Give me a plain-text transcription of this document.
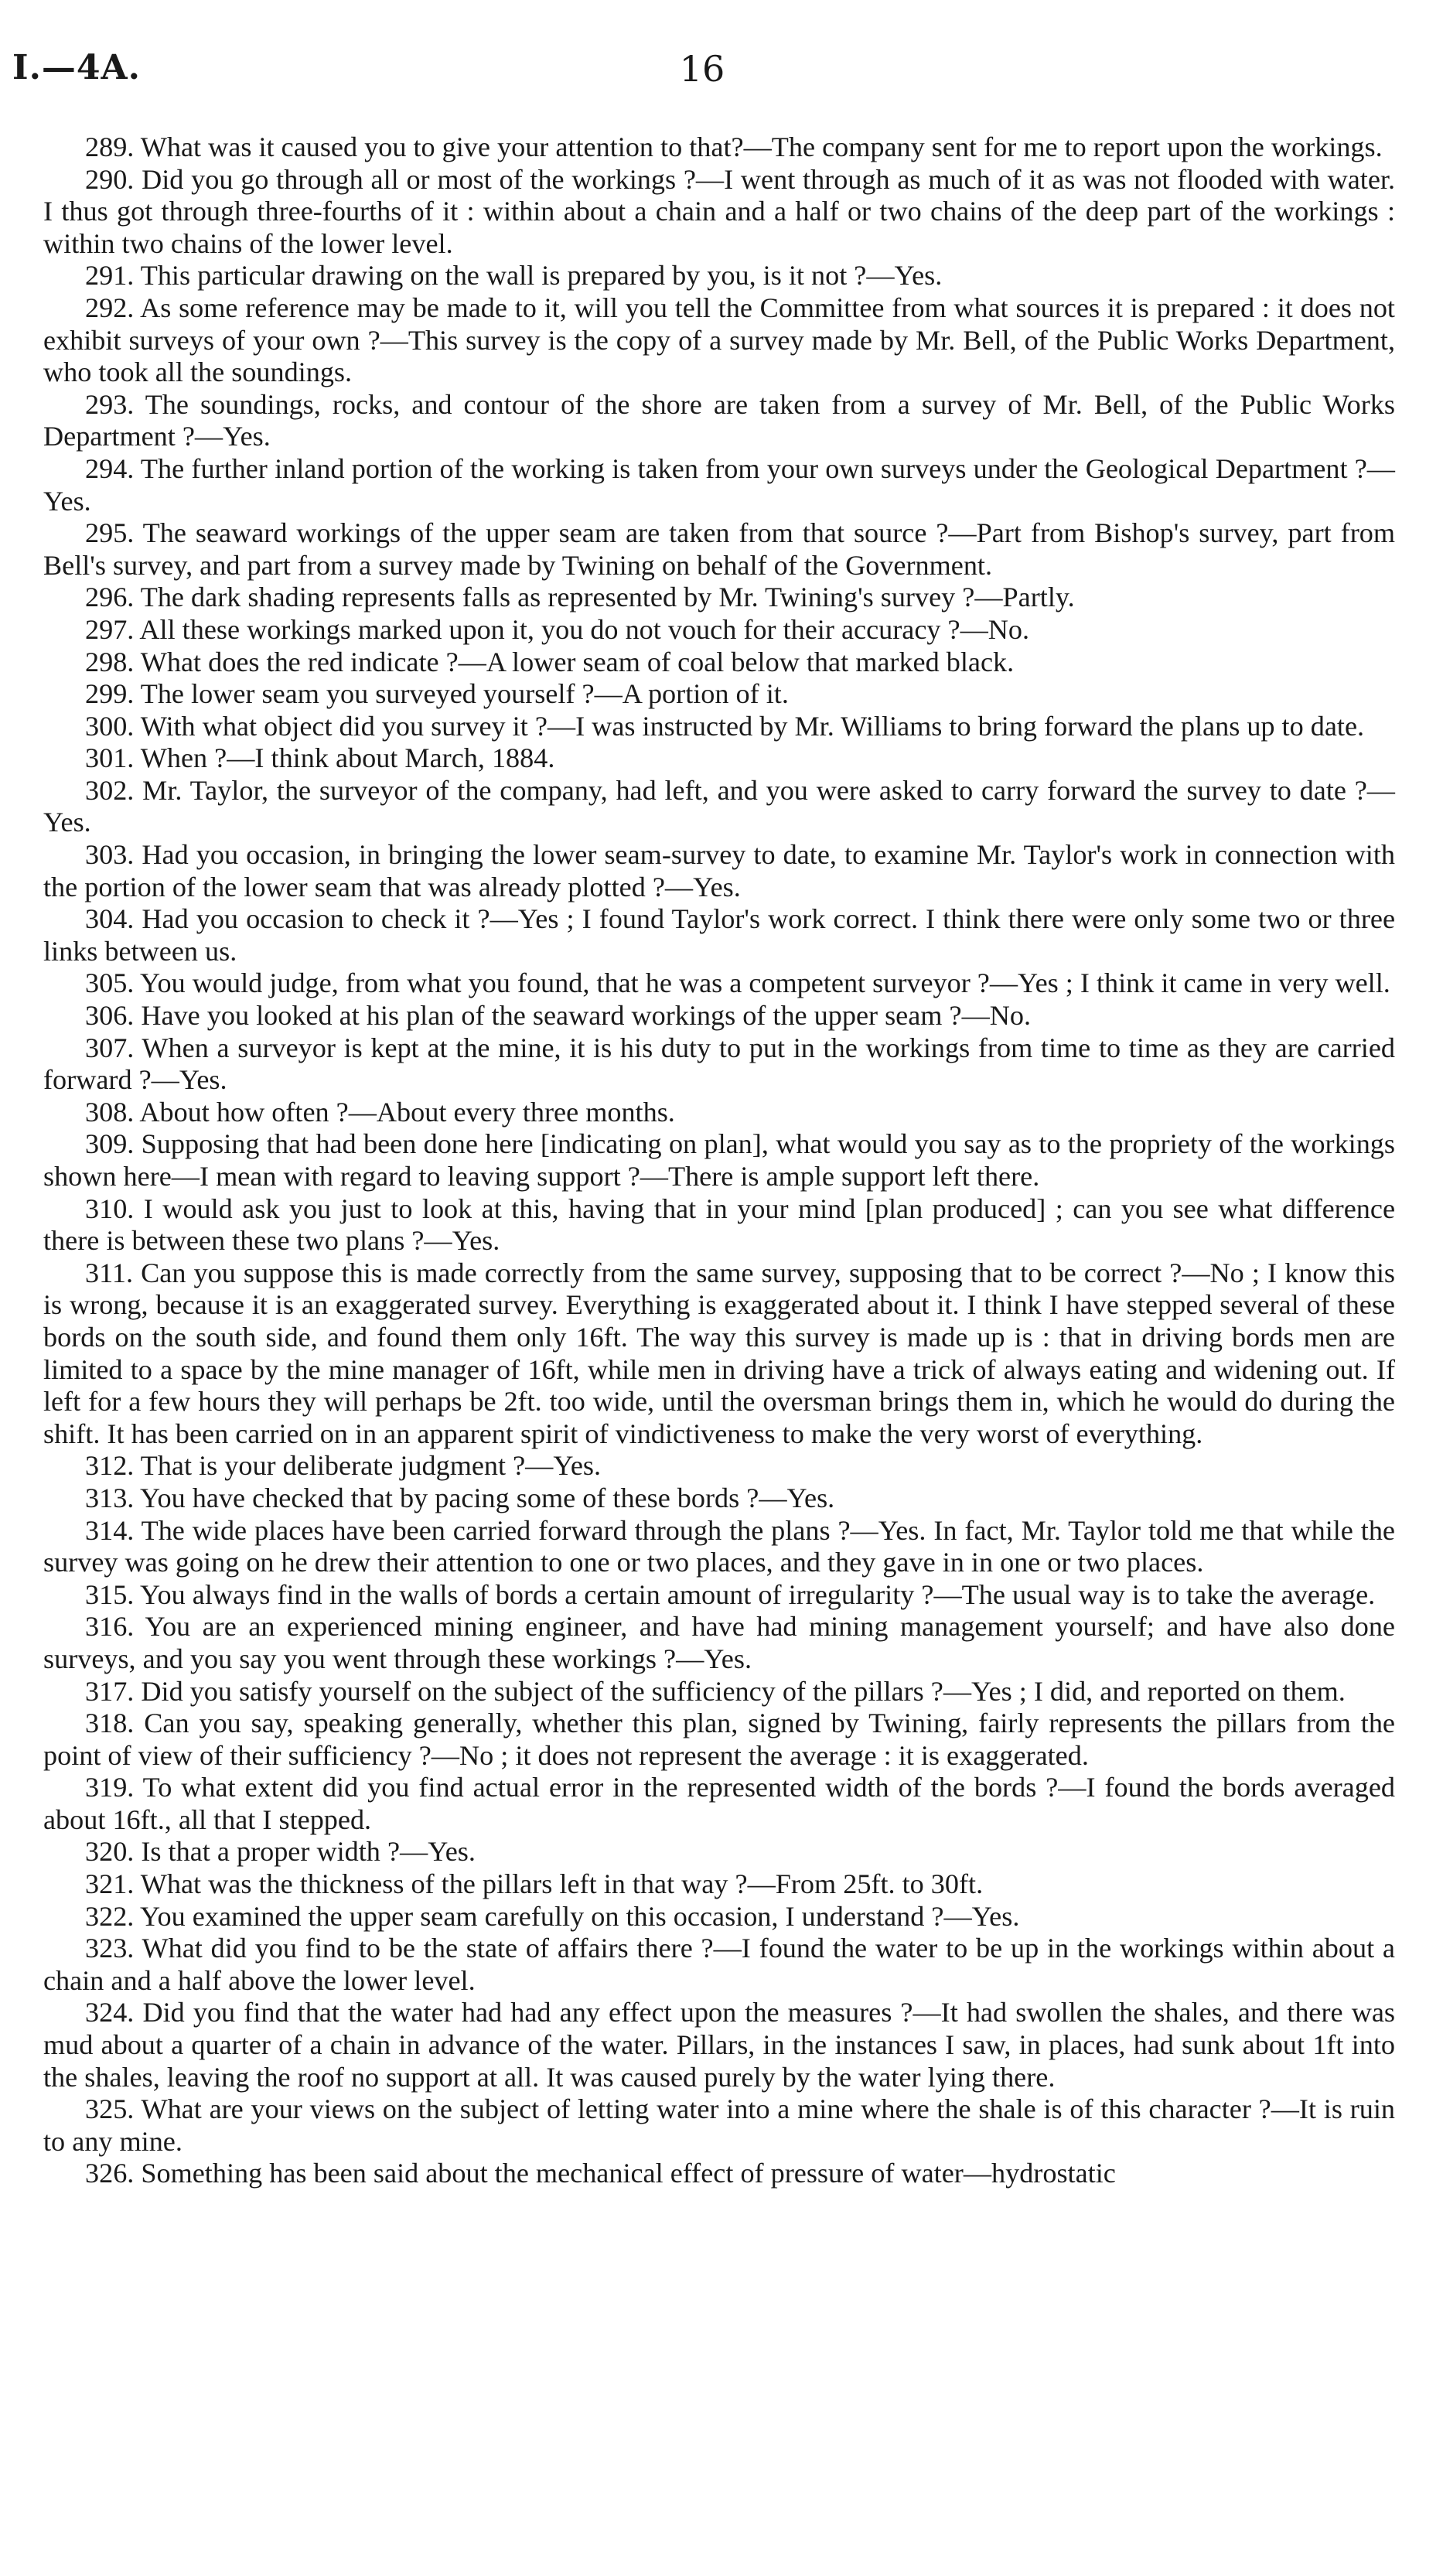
I.—4A.	16

289. What was it caused you to give your attention to that?—The company sent for me to report upon the workings.

290. Did you go through all or most of the workings ?—I went through as much of it as was not flooded with water. I thus got through three-fourths of it : within about a chain and a half or two chains of the deep part of the workings : within two chains of the lower level.

291. This particular drawing on the wall is prepared by you, is it not ?—Yes.

292. As some reference may be made to it, will you tell the Committee from what sources it is prepared : it does not exhibit surveys of your own ?—This survey is the copy of a survey made by Mr. Bell, of the Public Works Department, who took all the soundings.

293. The soundings, rocks, and contour of the shore are taken from a survey of Mr. Bell, of the Public Works Department ?—Yes.

294. The further inland portion of the working is taken from your own surveys under the Geological Department ?—Yes.

295. The seaward workings of the upper seam are taken from that source ?—Part from Bishop's survey, part from Bell's survey, and part from a survey made by Twining on behalf of the Government.

296. The dark shading represents falls as represented by Mr. Twining's survey ?—Partly.

297. All these workings marked upon it, you do not vouch for their accuracy ?—No.

298. What does the red indicate ?—A lower seam of coal below that marked black.

299. The lower seam you surveyed yourself ?—A portion of it.

300. With what object did you survey it ?—I was instructed by Mr. Williams to bring forward the plans up to date.

301. When ?—I think about March, 1884.

302. Mr. Taylor, the surveyor of the company, had left, and you were asked to carry forward the survey to date ?—Yes.

303. Had you occasion, in bringing the lower seam-survey to date, to examine Mr. Taylor's work in connection with the portion of the lower seam that was already plotted ?—Yes.

304. Had you occasion to check it ?—Yes ; I found Taylor's work correct. I think there were only some two or three links between us.

305. You would judge, from what you found, that he was a competent surveyor ?—Yes ; I think it came in very well.

306. Have you looked at his plan of the seaward workings of the upper seam ?—No.

307. When a surveyor is kept at the mine, it is his duty to put in the workings from time to time as they are carried forward ?—Yes.

308. About how often ?—About every three months.

309. Supposing that had been done here [indicating on plan], what would you say as to the propriety of the workings shown here—I mean with regard to leaving support ?—There is ample support left there.

310. I would ask you just to look at this, having that in your mind [plan produced] ; can you see what difference there is between these two plans ?—Yes.

311. Can you suppose this is made correctly from the same survey, supposing that to be correct ?—No ; I know this is wrong, because it is an exaggerated survey. Everything is exaggerated about it. I think I have stepped several of these bords on the south side, and found them only 16ft. The way this survey is made up is : that in driving bords men are limited to a space by the mine manager of 16ft, while men in driving have a trick of always eating and widening out. If left for a few hours they will perhaps be 2ft. too wide, until the oversman brings them in, which he would do during the shift. It has been carried on in an apparent spirit of vindictiveness to make the very worst of everything.

312. That is your deliberate judgment ?—Yes.

313. You have checked that by pacing some of these bords ?—Yes.

314. The wide places have been carried forward through the plans ?—Yes. In fact, Mr. Taylor told me that while the survey was going on he drew their attention to one or two places, and they gave in in one or two places.

315. You always find in the walls of bords a certain amount of irregularity ?—The usual way is to take the average.

316. You are an experienced mining engineer, and have had mining management yourself; and have also done surveys, and you say you went through these workings ?—Yes.

317. Did you satisfy yourself on the subject of the sufficiency of the pillars ?—Yes ; I did, and reported on them.

318. Can you say, speaking generally, whether this plan, signed by Twining, fairly represents the pillars from the point of view of their sufficiency ?—No ; it does not represent the average : it is exaggerated.

319. To what extent did you find actual error in the represented width of the bords ?—I found the bords averaged about 16ft., all that I stepped.

320. Is that a proper width ?—Yes.

321. What was the thickness of the pillars left in that way ?—From 25ft. to 30ft.

322. You examined the upper seam carefully on this occasion, I understand ?—Yes.

323. What did you find to be the state of affairs there ?—I found the water to be up in the workings within about a chain and a half above the lower level.

324. Did you find that the water had had any effect upon the measures ?—It had swollen the shales, and there was mud about a quarter of a chain in advance of the water. Pillars, in the instances I saw, in places, had sunk about 1ft into the shales, leaving the roof no support at all. It was caused purely by the water lying there.

325. What are your views on the subject of letting water into a mine where the shale is of this character ?—It is ruin to any mine.

326. Something has been said about the mechanical effect of pressure of water—hydrostatic
